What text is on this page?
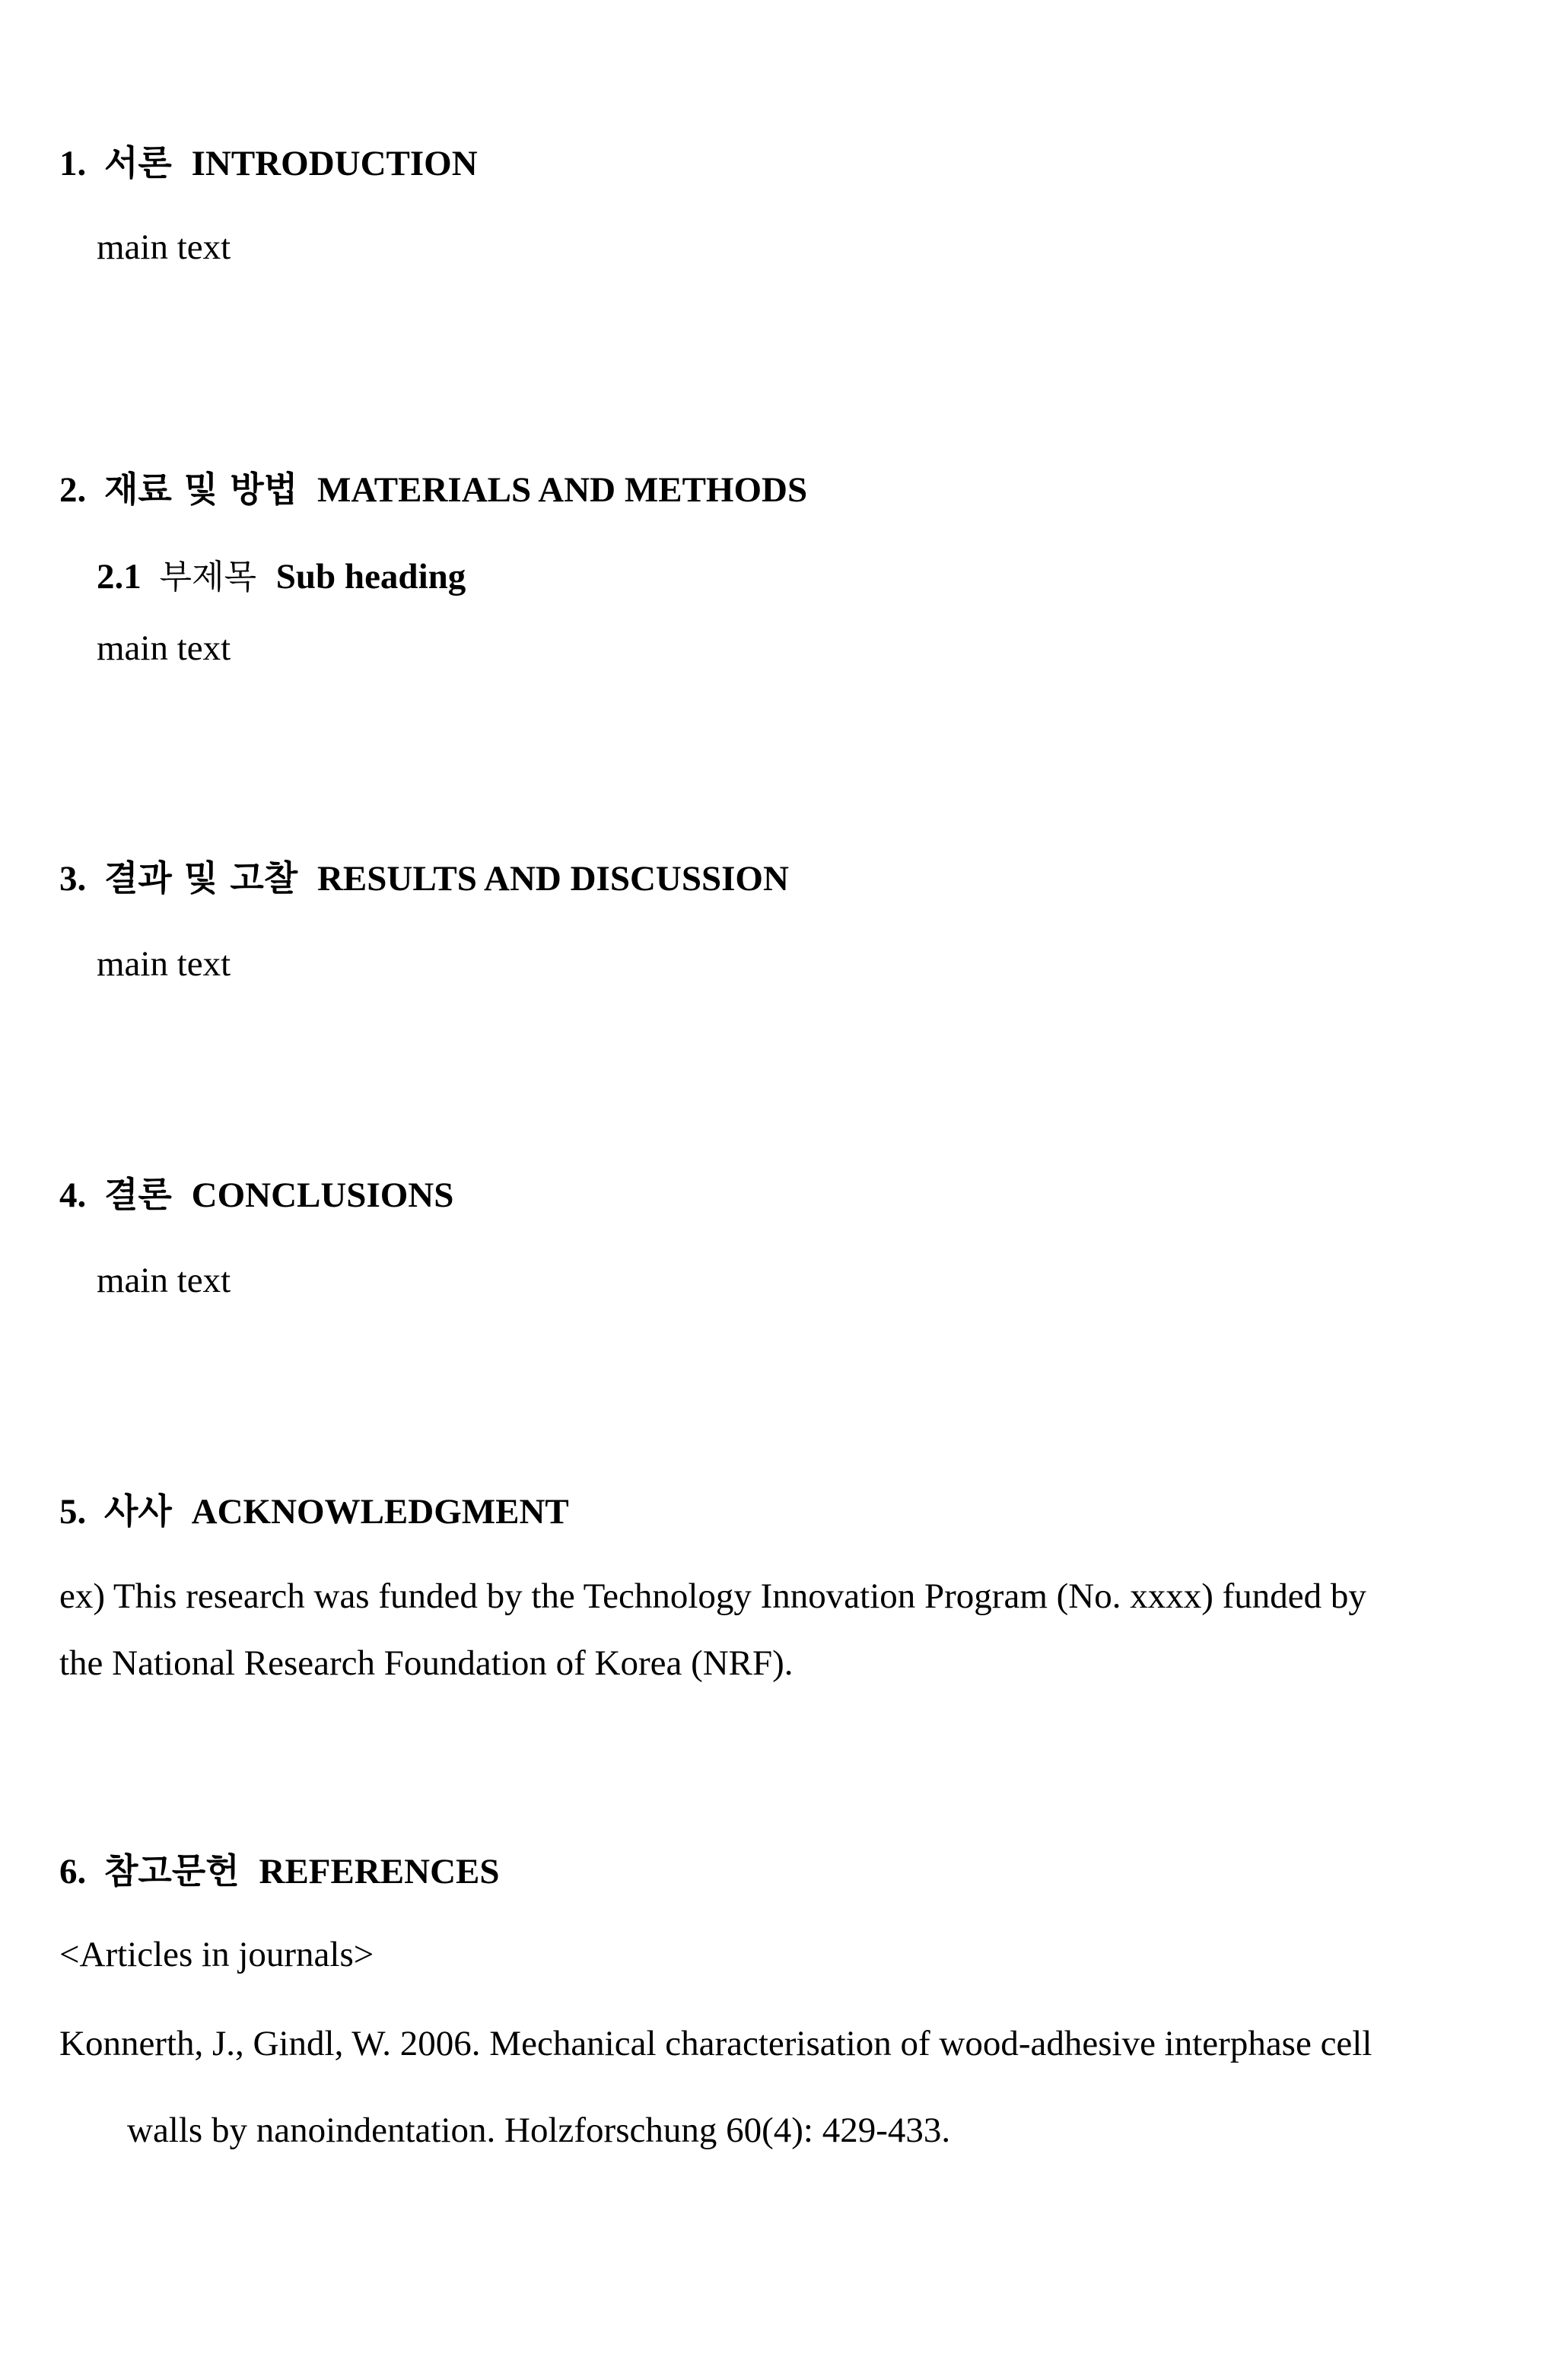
1. 서론 INTRODUCTION

main text

2. 재료 및 방법 MATERIALS AND METHODS
2.1 부제목 Sub heading

main text

3. 결과 및 고찰 RESULTS AND DISCUSSION

main text

4. 결론 CONCLUSIONS

main text

5. 사사 ACKNOWLEDGMENT

ex) This research was funded by the Technology Innovation Program (No. xxxx) funded by

the National Research Foundation of Korea (NRF).

6. 참고문헌 REFERENCES

<Articles in journals>

Konnerth, J., Gindl, W. 2006. Mechanical characterisation of wood-adhesive interphase cell

walls by nanoindentation. Holzforschung 60(4): 429-433.
